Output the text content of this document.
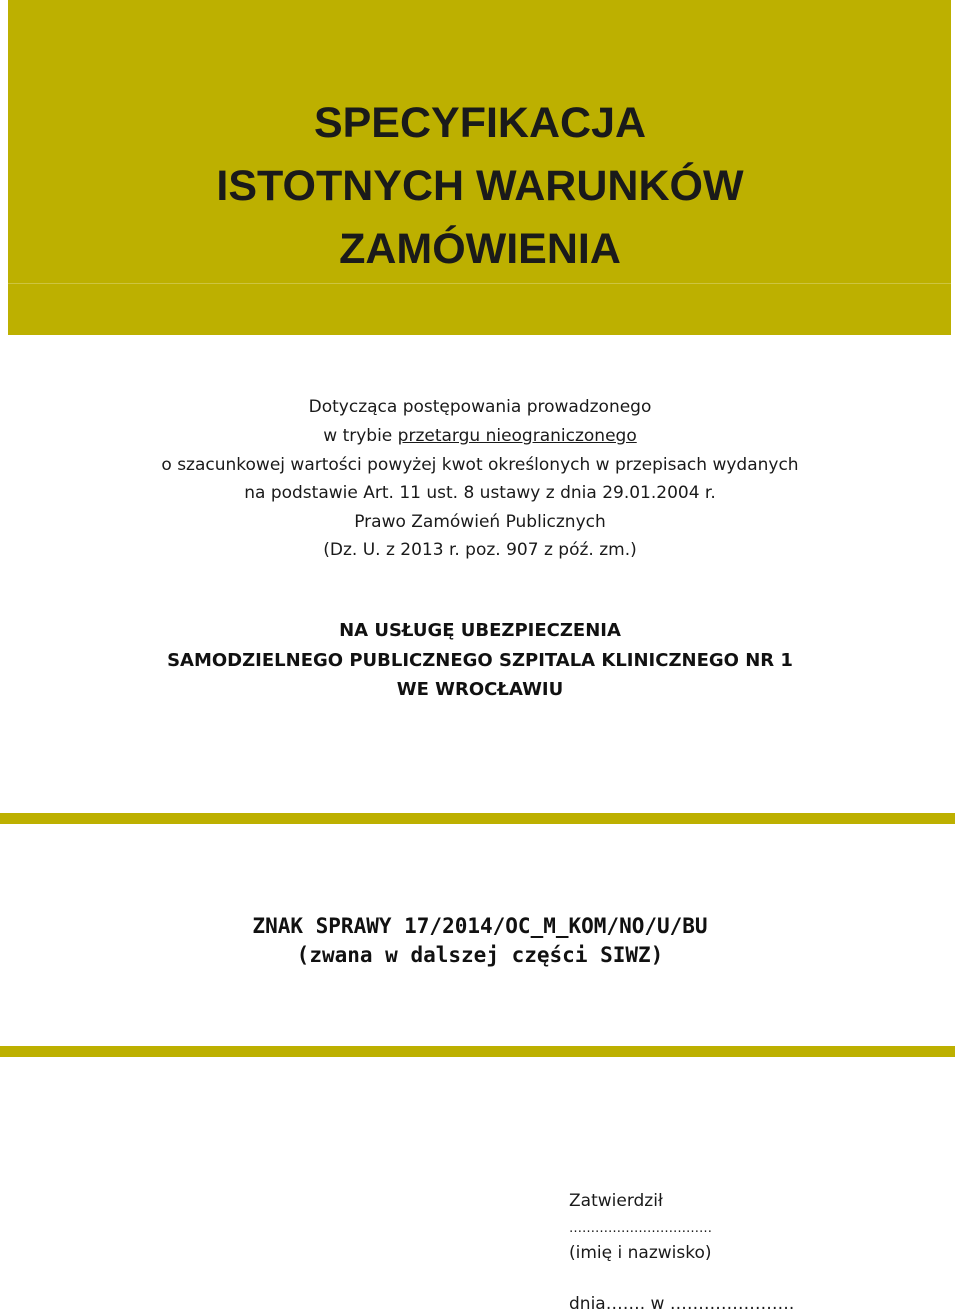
SPECYFIKACJA
ISTOTNYCH WARUNKÓW
ZAMÓWIENIA
Dotycząca postępowania prowadzonego
w trybie przetargu nieograniczonego
o szacunkowej wartości powyżej kwot określonych w przepisach wydanych
na podstawie Art. 11 ust. 8 ustawy z dnia 29.01.2004 r.
Prawo Zamówień Publicznych
(Dz. U. z 2013 r. poz. 907 z póź. zm.)
NA USŁUGĘ UBEZPIECZENIA
SAMODZIELNEGO PUBLICZNEGO SZPITALA KLINICZNEGO NR 1
WE WROCŁAWIU
ZNAK SPRAWY 17/2014/OC_M_KOM/NO/U/BU
(zwana w dalszej części SIWZ)
Zatwierdził
……………………………
(imię i nazwisko)
dnia……. w ………………….
